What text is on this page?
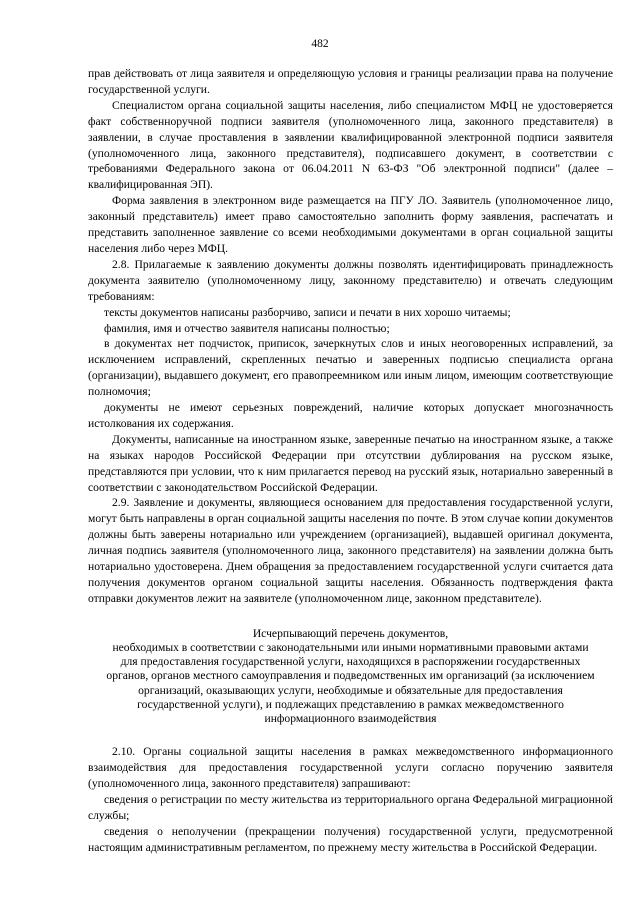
482

прав действовать от лица заявителя и определяющую условия и границы реализации права на получение государственной услуги.

Специалистом органа социальной защиты населения, либо специалистом МФЦ не удостоверяется факт собственноручной подписи заявителя (уполномоченного лица, законного представителя) в заявлении, в случае проставления в заявлении квалифицированной электронной подписи заявителя (уполномоченного лица, законного представителя), подписавшего документ, в соответствии с требованиями Федерального закона от 06.04.2011 N 63-ФЗ "Об электронной подписи" (далее – квалифицированная ЭП).

Форма заявления в электронном виде размещается на ПГУ ЛО. Заявитель (уполномоченное лицо, законный представитель) имеет право самостоятельно заполнить форму заявления, распечатать и представить заполненное заявление со всеми необходимыми документами в орган социальной защиты населения либо через МФЦ.

2.8. Прилагаемые к заявлению документы должны позволять идентифицировать принадлежность документа заявителю (уполномоченному лицу, законному представителю) и отвечать следующим требованиям:

тексты документов написаны разборчиво, записи и печати в них хорошо читаемы;

фамилия, имя и отчество заявителя написаны полностью;

в документах нет подчисток, приписок, зачеркнутых слов и иных неоговоренных исправлений, за исключением исправлений, скрепленных печатью и заверенных подписью специалиста органа (организации), выдавшего документ, его правопреемником или иным лицом, имеющим соответствующие полномочия;

документы не имеют серьезных повреждений, наличие которых допускает многозначность истолкования их содержания.

Документы, написанные на иностранном языке, заверенные печатью на иностранном языке, а также на языках народов Российской Федерации при отсутствии дублирования на русском языке, представляются при условии, что к ним прилагается перевод на русский язык, нотариально заверенный в соответствии с законодательством Российской Федерации.

2.9. Заявление и документы, являющиеся основанием для предоставления государственной услуги, могут быть направлены в орган социальной защиты населения по почте. В этом случае копии документов должны быть заверены нотариально или учреждением (организацией), выдавшей оригинал документа, личная подпись заявителя (уполномоченного лица, законного представителя) на заявлении должна быть нотариально удостоверена. Днем обращения за предоставлением государственной услуги считается дата получения документов органом социальной защиты населения. Обязанность подтверждения факта отправки документов лежит на заявителе (уполномоченном лице, законном представителе).

Исчерпывающий перечень документов,
необходимых в соответствии с законодательными или иными нормативными правовыми актами
для предоставления государственной услуги, находящихся в распоряжении государственных
органов, органов местного самоуправления и подведомственных им организаций (за исключением
организаций, оказывающих услуги, необходимые и обязательные для предоставления
государственной услуги), и подлежащих представлению в рамках межведомственного
информационного взаимодействия

2.10. Органы социальной защиты населения в рамках межведомственного информационного взаимодействия для предоставления государственной услуги согласно поручению заявителя (уполномоченного лица, законного представителя) запрашивают:

сведения о регистрации по месту жительства из территориального органа Федеральной миграционной службы;

сведения о неполучении (прекращении получения) государственной услуги, предусмотренной настоящим административным регламентом, по прежнему месту жительства в Российской Федерации.
